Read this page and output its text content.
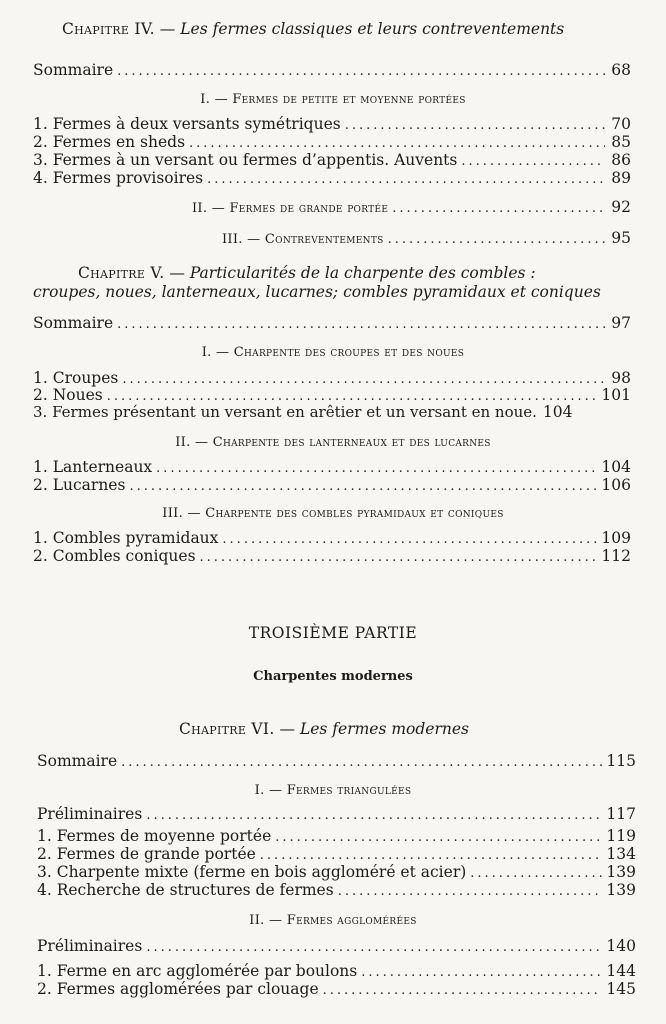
Chapitre IV. — Les fermes classiques et leurs contreventements
Sommaire .....	68
I. — Fermes de petite et moyenne portées
1. Fermes à deux versants symétriques .....	70
2. Fermes en sheds .....	85
3. Fermes à un versant ou fermes d’appentis. Auvents .....	86
4. Fermes provisoires .....	89
II. — Fermes de grande portée .....	92
III. — Contreventements .....	95
Chapitre V. — Particularités de la charpente des combles :
croupes, noues, lanterneaux, lucarnes; combles pyramidaux et coniques
Sommaire .....	97
I. — Charpente des croupes et des noues
1. Croupes .....	98
2. Noues .....	101
3. Fermes présentant un versant en arêtier et un versant en noue. 104
II. — Charpente des lanterneaux et des lucarnes
1. Lanterneaux .....	104
2. Lucarnes .....	106
III. — Charpente des combles pyramidaux et coniques
1. Combles pyramidaux .....	109
2. Combles coniques .....	112
TROISIÈME PARTIE
Charpentes modernes
Chapitre VI. — Les fermes modernes
Sommaire .....	115
I. — Fermes triangulées
Préliminaires .....	117
1. Fermes de moyenne portée .....	119
2. Fermes de grande portée .....	134
3. Charpente mixte (ferme en bois aggloméré et acier) .....	139
4. Recherche de structures de fermes .....	139
II. — Fermes agglomérées
Préliminaires .....	140
1. Ferme en arc agglomérée par boulons .....	144
2. Fermes agglomérées par clouage .....	145
